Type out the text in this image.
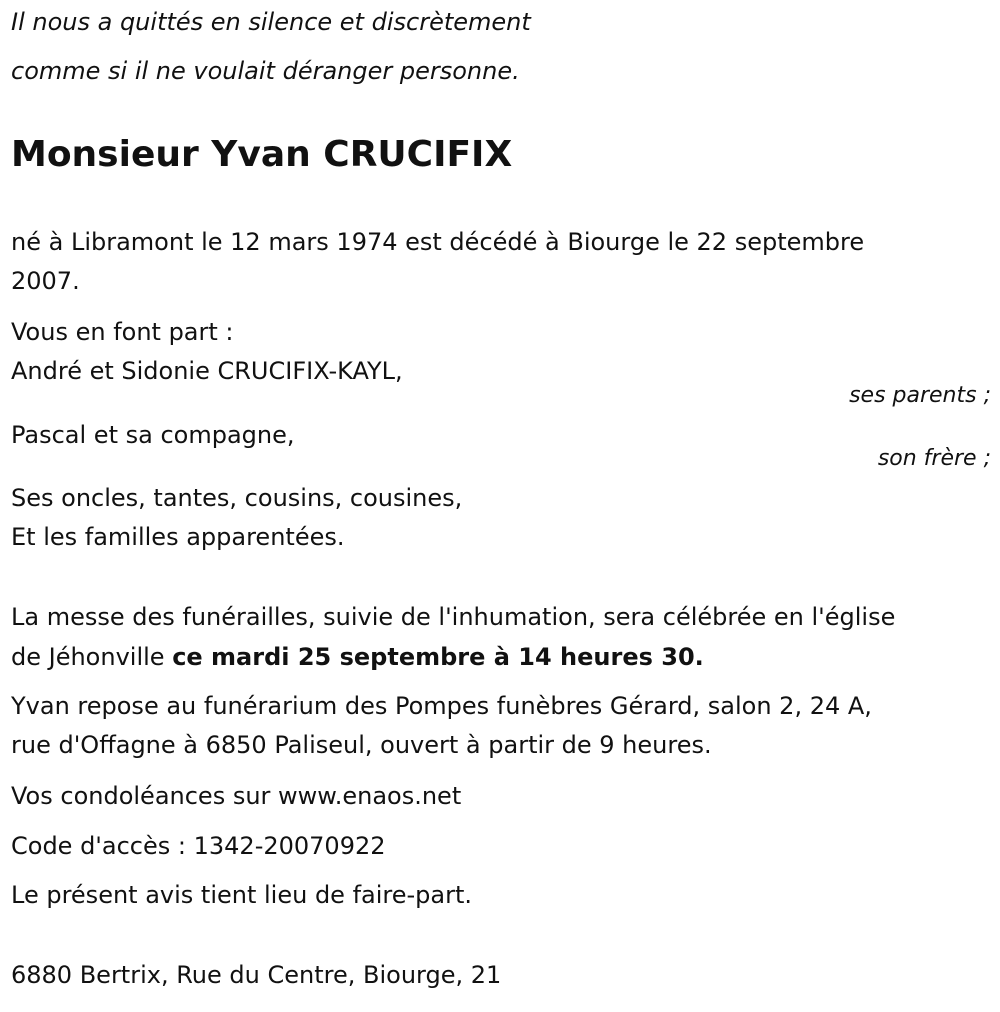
Il nous a quittés en silence et discrètement
comme si il ne voulait déranger personne.
Monsieur Yvan CRUCIFIX
né à Libramont le 12 mars 1974 est décédé à Biourge le 22 septembre
2007.
Vous en font part :
André et Sidonie CRUCIFIX-KAYL,
ses parents ;
Pascal et sa compagne,
son frère ;
Ses oncles, tantes, cousins, cousines,
Et les familles apparentées.
La messe des funérailles, suivie de l'inhumation, sera célébrée en l'église
de Jéhonville ce mardi 25 septembre à 14 heures 30.
Yvan repose au funérarium des Pompes funèbres Gérard, salon 2, 24 A,
rue d'Offagne à 6850 Paliseul, ouvert à partir de 9 heures.
Vos condoléances sur www.enaos.net
Code d'accès : 1342-20070922
Le présent avis tient lieu de faire-part.
6880 Bertrix, Rue du Centre, Biourge, 21
